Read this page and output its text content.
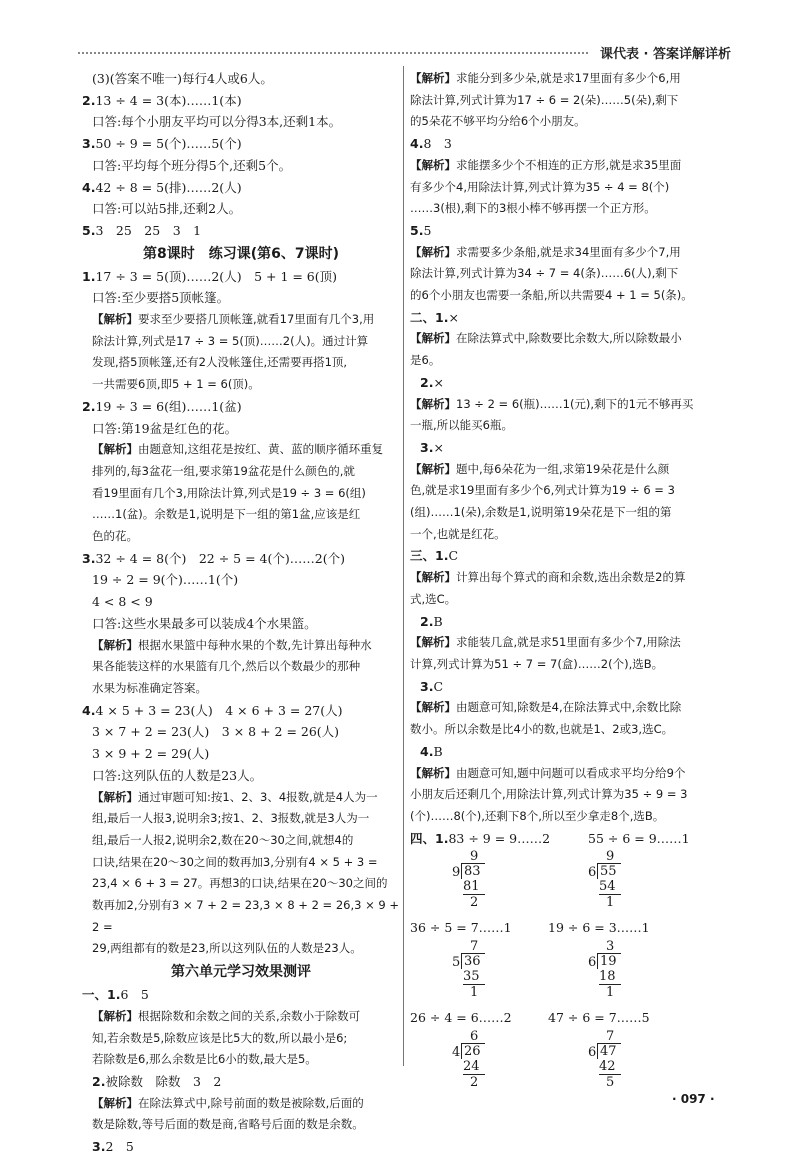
课代表 · 答案详解详析
(3)(答案不唯一)每行4人或6人。
2.13 ÷ 4 = 3(本)……1(本)
口答:每个小朋友平均可以分得3本,还剩1本。
3.50 ÷ 9 = 5(个)……5(个)
口答:平均每个班分得5个,还剩5个。
4.42 ÷ 8 = 5(排)……2(人)
口答:可以站5排,还剩2人。
5.3　25　25　3　1
第8课时　练习课(第6、7课时)
1.17 ÷ 3 = 5(顶)……2(人)　5 + 1 = 6(顶)
口答:至少要搭5顶帐篷。
【解析】要求至少要搭几顶帐篷,就看17里面有几个3,用
除法计算,列式是17 ÷ 3 = 5(顶)……2(人)。通过计算
发现,搭5顶帐篷,还有2人没帐篷住,还需要再搭1顶,
一共需要6顶,即5 + 1 = 6(顶)。
2.19 ÷ 3 = 6(组)……1(盆)
口答:第19盆是红色的花。
【解析】由题意知,这组花是按红、黄、蓝的顺序循环重复
排列的,每3盆花一组,要求第19盆花是什么颜色的,就
看19里面有几个3,用除法计算,列式是19 ÷ 3 = 6(组)
……1(盆)。余数是1,说明是下一组的第1盆,应该是红
色的花。
3.32 ÷ 4 = 8(个)　22 ÷ 5 = 4(个)……2(个)
19 ÷ 2 = 9(个)……1(个)
4 < 8 < 9
口答:这些水果最多可以装成4个水果篮。
【解析】根据水果篮中每种水果的个数,先计算出每种水
果各能装这样的水果篮有几个,然后以个数最少的那种
水果为标准确定答案。
4.4 × 5 + 3 = 23(人)　4 × 6 + 3 = 27(人)
3 × 7 + 2 = 23(人)　3 × 8 + 2 = 26(人)
3 × 9 + 2 = 29(人)
口答:这列队伍的人数是23人。
【解析】通过审题可知:按1、2、3、4报数,就是4人为一
组,最后一人报3,说明余3;按1、2、3报数,就是3人为一
组,最后一人报2,说明余2,数在20～30之间,就想4的
口诀,结果在20～30之间的数再加3,分别有4 × 5 + 3 =
23,4 × 6 + 3 = 27。再想3的口诀,结果在20～30之间的
数再加2,分别有3 × 7 + 2 = 23,3 × 8 + 2 = 26,3 × 9 + 2 =
29,两组都有的数是23,所以这列队伍的人数是23人。
第六单元学习效果测评
一、1.6　5
【解析】根据除数和余数之间的关系,余数小于除数可
知,若余数是5,除数应该是比5大的数,所以最小是6;
若除数是6,那么余数是比6小的数,最大是5。
2.被除数　除数　3　2
【解析】在除法算式中,除号前面的数是被除数,后面的
数是除数,等号后面的数是商,省略号后面的数是余数。
3.2　5
【解析】求能分到多少朵,就是求17里面有多少个6,用
除法计算,列式计算为17 ÷ 6 = 2(朵)……5(朵),剩下
的5朵花不够平均分给6个小朋友。
4.8　3
【解析】求能摆多少个不相连的正方形,就是求35里面
有多少个4,用除法计算,列式计算为35 ÷ 4 = 8(个)
……3(根),剩下的3根小棒不够再摆一个正方形。
5.5
【解析】求需要多少条船,就是求34里面有多少个7,用
除法计算,列式计算为34 ÷ 7 = 4(条)……6(人),剩下
的6个小朋友也需要一条船,所以共需要4 + 1 = 5(条)。
二、1.×
【解析】在除法算式中,除数要比余数大,所以除数最小
是6。
2.×
【解析】13 ÷ 2 = 6(瓶)……1(元),剩下的1元不够再买
一瓶,所以能买6瓶。
3.×
【解析】题中,每6朵花为一组,求第19朵花是什么颜
色,就是求19里面有多少个6,列式计算为19 ÷ 6 = 3
(组)……1(朵),余数是1,说明第19朵花是下一组的第
一个,也就是红花。
三、1.C
【解析】计算出每个算式的商和余数,选出余数是2的算
式,选C。
2.B
【解析】求能装几盒,就是求51里面有多少个7,用除法
计算,列式计算为51 ÷ 7 = 7(盒)……2(个),选B。
3.C
【解析】由题意可知,除数是4,在除法算式中,余数比除
数小。所以余数是比4小的数,也就是1、2或3,选C。
4.B
【解析】由题意可知,题中问题可以看成求平均分给9个
小朋友后还剩几个,用除法计算,列式计算为35 ÷ 9 = 3
(个)……8(个),还剩下8个,所以至少拿走8个,选B。
四、1.83 ÷ 9 = 9……2	55 ÷ 6 = 9……1
9
9 83
81
2
9
6 55
54
1
36 ÷ 5 = 7……1	19 ÷ 6 = 3……1
7
5 36
35
1
3
6 19
18
1
26 ÷ 4 = 6……2	47 ÷ 6 = 7……5
6
4 26
24
2
7
6 47
42
5
· 097 ·
